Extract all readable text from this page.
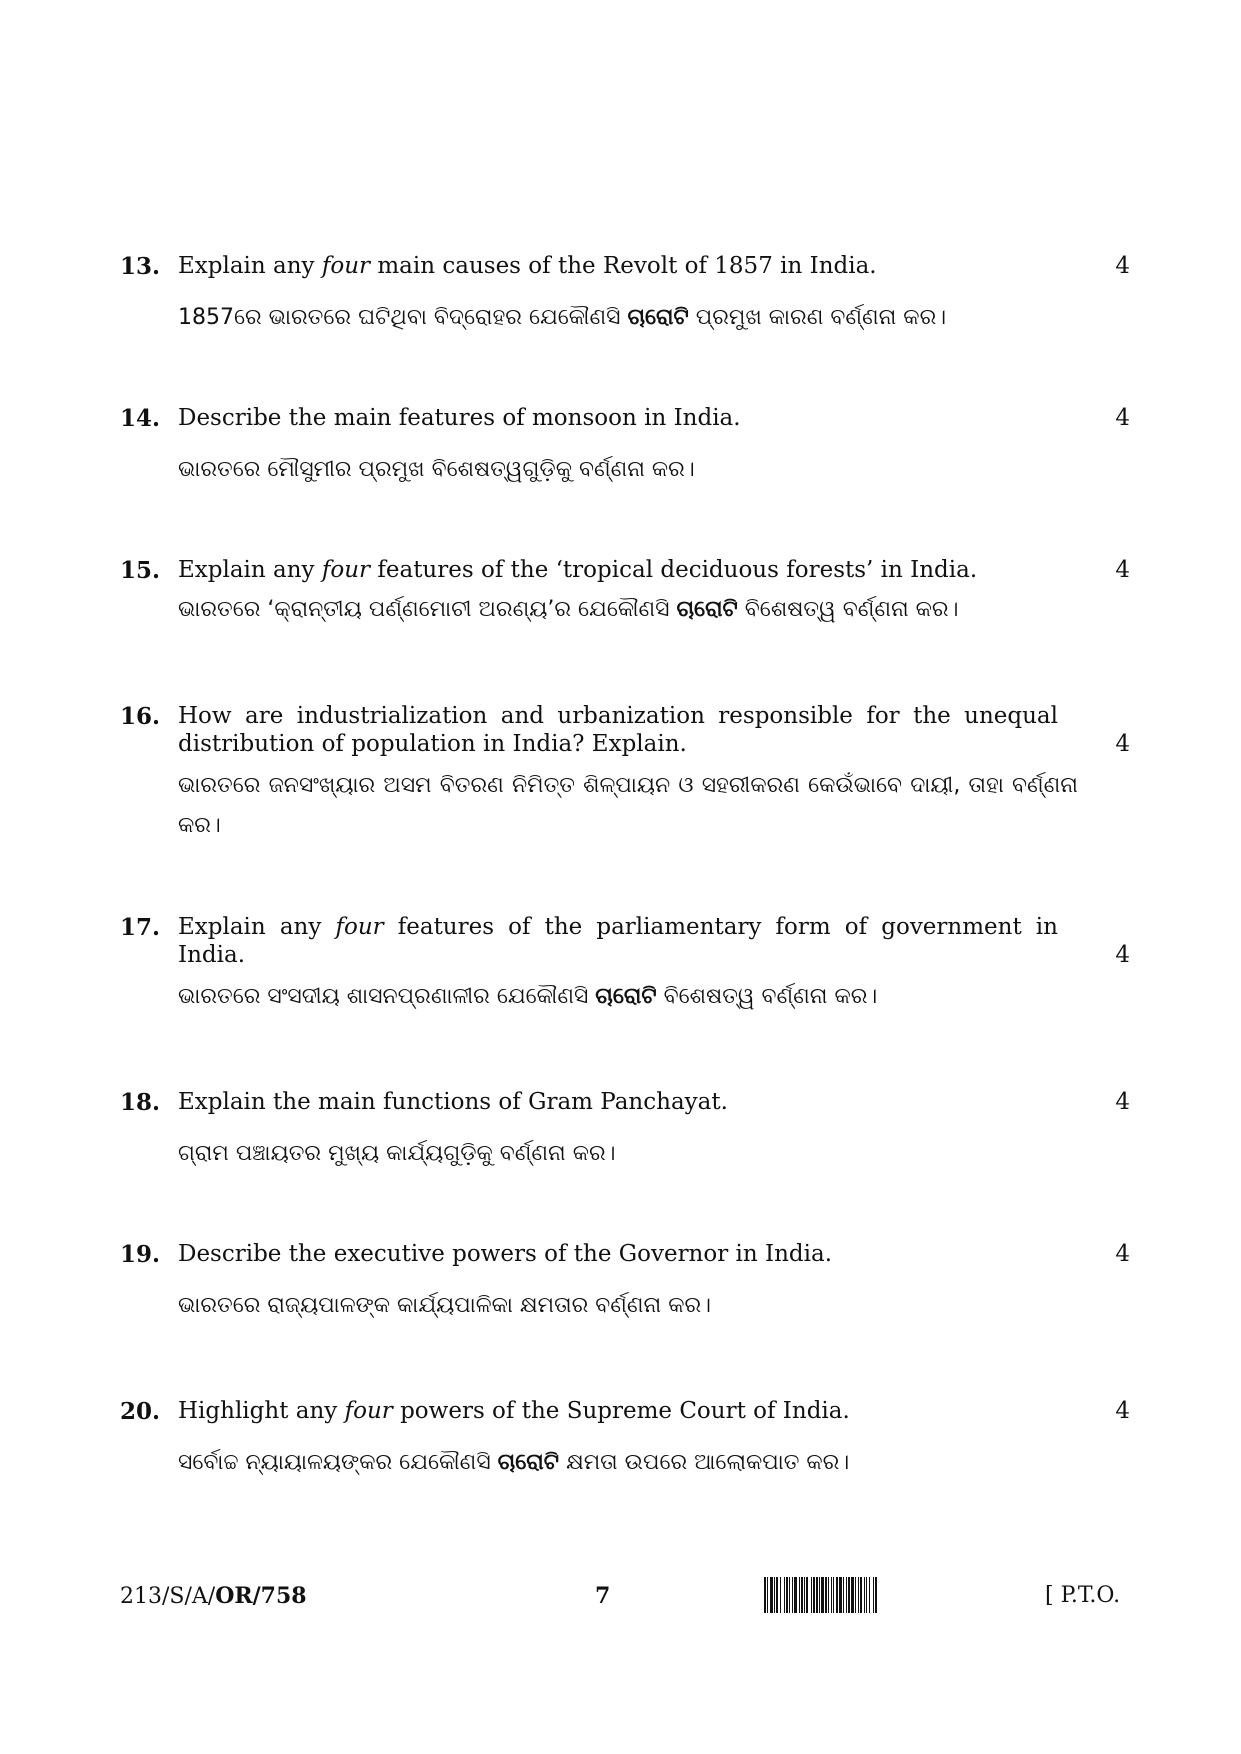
13. Explain any four main causes of the Revolt of 1857 in India.	4
1857ରେ ଭାରତରେ ଘଟିଥିବା ବିଦ୍ରୋହର ଯେକୌଣସି ଚାରୋଟି ପ୍ରମୁଖ କାରଣ ବର୍ଣ୍ଣନା କର।
14. Describe the main features of monsoon in India.	4
ଭାରତରେ ମୌସୁମୀର ପ୍ରମୁଖ ବିଶେଷତ୍ୱଗୁଡ଼ିକୁ ବର୍ଣ୍ଣନା କର।
15. Explain any four features of the ‘tropical deciduous forests’ in India.	4
ଭାରତରେ ‘କ୍ରାନ୍ତୀୟ ପର୍ଣ୍ଣମୋଚୀ ଅରଣ୍ୟ’ର ଯେକୌଣସି ଚାରୋଟି ବିଶେଷତ୍ୱ ବର୍ଣ୍ଣନା କର।
16. How are industrialization and urbanization responsible for the unequal distribution of population in India? Explain.	4
ଭାରତରେ ଜନସଂଖ୍ୟାର ଅସମ ବିତରଣ ନିମିତ୍ତ ଶିଳ୍ପାୟନ ଓ ସହରୀକରଣ କେଉଁଭାବେ ଦାୟୀ, ତାହା ବର୍ଣ୍ଣନା କର।
17. Explain any four features of the parliamentary form of government in India.	4
ଭାରତରେ ସଂସଦୀୟ ଶାସନପ୍ରଣାଳୀର ଯେକୌଣସି ଚାରୋଟି ବିଶେଷତ୍ୱ ବର୍ଣ୍ଣନା କର।
18. Explain the main functions of Gram Panchayat.	4
ଗ୍ରାମ ପଞ୍ଚାୟତର ମୁଖ୍ୟ କାର୍ଯ୍ୟଗୁଡ଼ିକୁ ବର୍ଣ୍ଣନା କର।
19. Describe the executive powers of the Governor in India.	4
ଭାରତରେ ରାଜ୍ୟପାଳଙ୍କ କାର୍ଯ୍ୟପାଳିକା କ୍ଷମତାର ବର୍ଣ୍ଣନା କର।
20. Highlight any four powers of the Supreme Court of India.	4
ସର୍ବୋଚ୍ଚ ନ୍ୟାୟାଳୟଙ୍କର ଯେକୌଣସି ଚାରୋଟି କ୍ଷମତା ଉପରେ ଆଲୋକପାତ କର।
213/S/A/OR/758	7	[ P.T.O.
